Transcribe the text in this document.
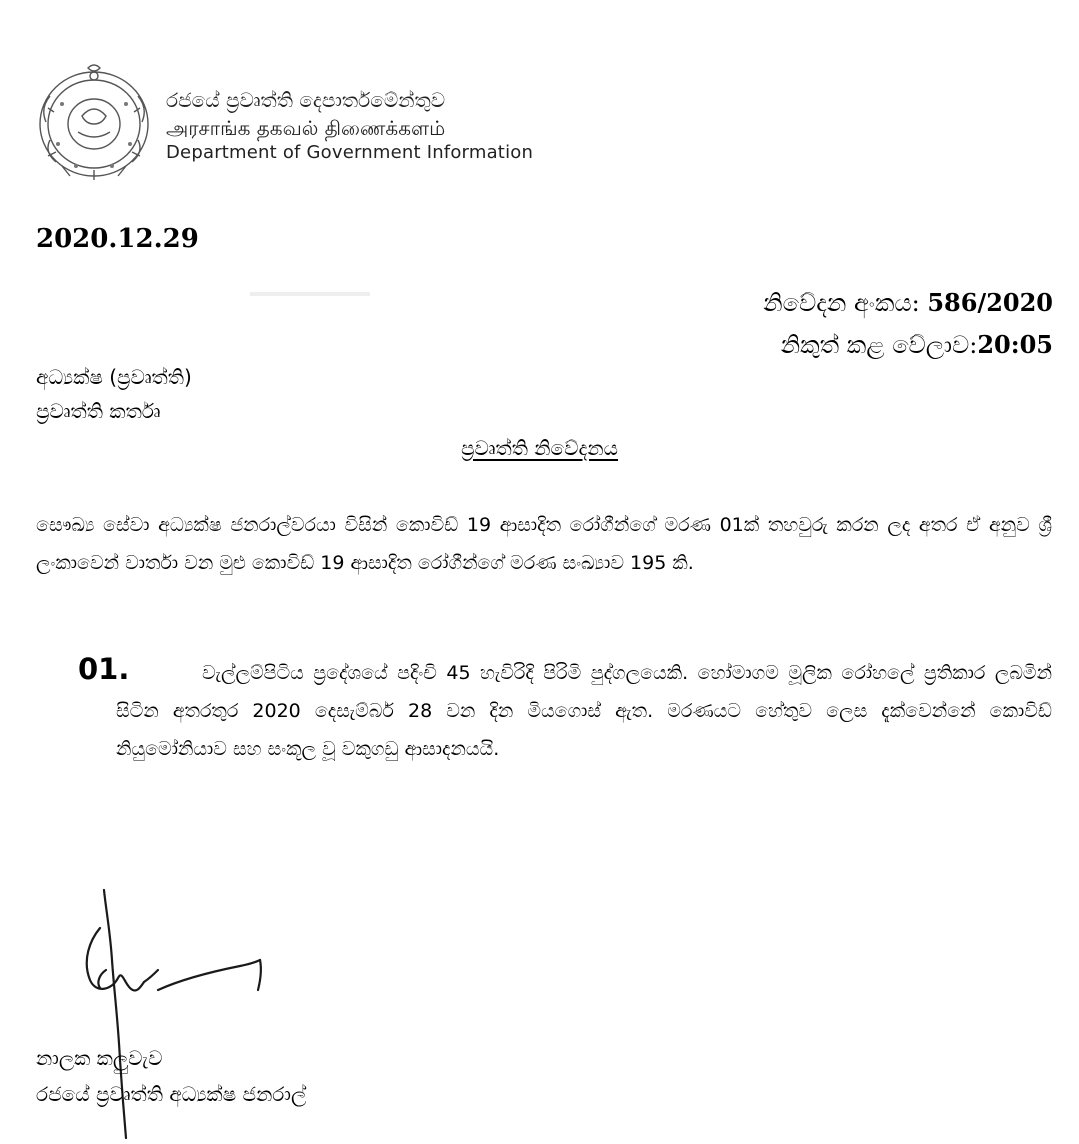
රජයේ ප්‍රවෘත්ති දෙපාර්තමේන්තුව
அரசாங்க தகவல் திணைக்களம்
Department of Government Information
2020.12.29
නිවේදන අංකය: 586/2020
නිකුත් කළ වේලාව:20:05
අධ්‍යක්ෂ (ප්‍රවෘත්ති)
ප්‍රවෘත්ති කර්තෘ
ප්‍රවෘත්ති නිවේදනය
සෞඛ්‍ය සේවා අධ්‍යක්ෂ ජනරාල්වරයා විසින් කොවිඩ් 19 ආසාදිත රෝගීන්ගේ මරණ 01ක් තහවුරු කරන ලද අතර ඒ අනුව ශ්‍රී ලංකාවෙන් වාර්තා වන මුළු කොවිඩ් 19 ආසාදිත රෝගීන්ගේ මරණ සංඛ්‍යාව 195 කි.
01.	වැල්ලම්පිටිය ප්‍රදේශයේ පදිංචි 45 හැවිරිදි පිරිමි පුද්ගලයෙකි. හෝමාගම මූලික රෝහලේ ප්‍රතිකාර ලබමින් සිටින අතරතුර 2020 දෙසැම්බර් 28 වන දින මියගොස් ඇත. මරණයට හේතුව ලෙස දැක්වෙන්නේ කොවිඩ් නියුමෝනියාව සහ සංකූල වූ වකුගඩු ආසාදනයයි.
නාලක කලුවැව
රජයේ ප්‍රවෘත්ති අධ්‍යක්ෂ ජනරාල්
